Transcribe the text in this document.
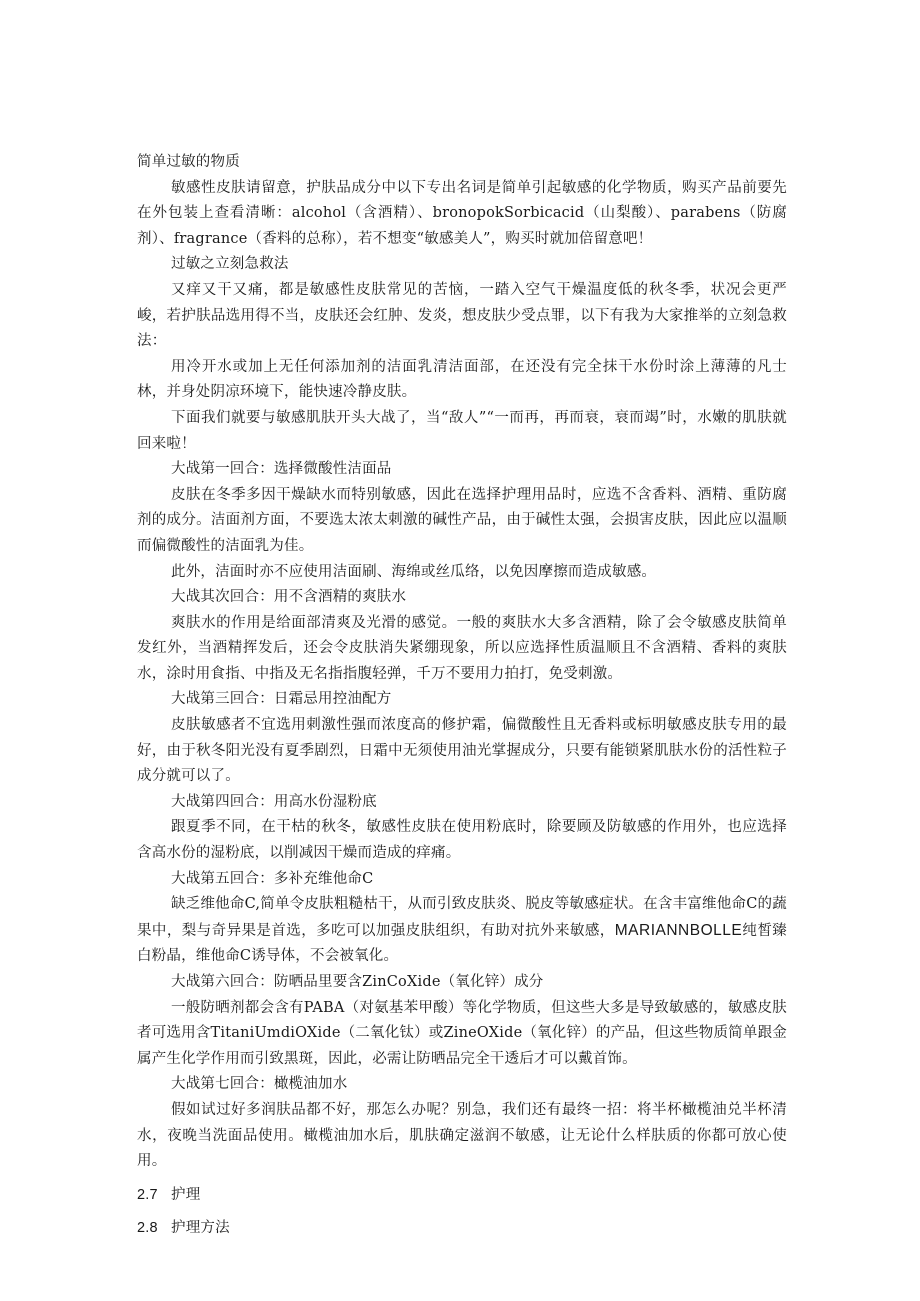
简单过敏的物质

敏感性皮肤请留意，护肤品成分中以下专出名词是简单引起敏感的化学物质，购买产品前要先在外包装上查看清晰：alcohol（含酒精）、bronopokSorbicacid（山梨酸）、parabens（防腐剂）、fragrance（香料的总称），若不想变“敏感美人”，购买时就加倍留意吧！

过敏之立刻急救法

又痒又干又痛，都是敏感性皮肤常见的苦恼，一踏入空气干燥温度低的秋冬季，状况会更严峻，若护肤品选用得不当，皮肤还会红肿、发炎，想皮肤少受点罪，以下有我为大家推举的立刻急救法：

用冷开水或加上无任何添加剂的洁面乳清洁面部，在还没有完全抹干水份时涂上薄薄的凡士林，并身处阴凉环境下，能快速冷静皮肤。

下面我们就要与敏感肌肤开头大战了，当“敌人”“一而再，再而衰，衰而竭”时，水嫩的肌肤就回来啦！

大战第一回合：选择微酸性洁面品

皮肤在冬季多因干燥缺水而特别敏感，因此在选择护理用品时，应选不含香料、酒精、重防腐剂的成分。洁面剂方面，不要选太浓太刺激的碱性产品，由于碱性太强，会损害皮肤，因此应以温顺而偏微酸性的洁面乳为佳。

此外，洁面时亦不应使用洁面刷、海绵或丝瓜络，以免因摩擦而造成敏感。

大战其次回合：用不含酒精的爽肤水

爽肤水的作用是给面部清爽及光滑的感觉。一般的爽肤水大多含酒精，除了会令敏感皮肤简单发红外，当酒精挥发后，还会令皮肤消失紧绷现象，所以应选择性质温顺且不含酒精、香料的爽肤水，涂时用食指、中指及无名指指腹轻弹，千万不要用力拍打，免受刺激。

大战第三回合：日霜忌用控油配方

皮肤敏感者不宜选用刺激性强而浓度高的修护霜，偏微酸性且无香料或标明敏感皮肤专用的最好，由于秋冬阳光没有夏季剧烈，日霜中无须使用油光掌握成分，只要有能锁紧肌肤水份的活性粒子成分就可以了。

大战第四回合：用高水份湿粉底

跟夏季不同，在干枯的秋冬，敏感性皮肤在使用粉底时，除要顾及防敏感的作用外，也应选择含高水份的湿粉底，以削减因干燥而造成的痒痛。

大战第五回合：多补充维他命C

缺乏维他命C,简单令皮肤粗糙枯干，从而引致皮肤炎、脱皮等敏感症状。在含丰富维他命C的蔬果中，梨与奇异果是首选，多吃可以加强皮肤组织，有助对抗外来敏感，MARIANNBOLLE纯皙臻白粉晶，维他命C诱导体，不会被氧化。

大战第六回合：防晒品里要含ZinCoXide（氧化锌）成分

一般防晒剂都会含有PABA（对氨基苯甲酸）等化学物质，但这些大多是导致敏感的，敏感皮肤者可选用含TitaniUmdiOXide（二氧化钛）或ZineOXide（氧化锌）的产品，但这些物质简单跟金属产生化学作用而引致黑斑，因此，必需让防晒品完全干透后才可以戴首饰。

大战第七回合：橄榄油加水

假如试过好多润肤品都不好，那怎么办呢？别急，我们还有最终一招：将半杯橄榄油兑半杯清水，夜晚当洗面品使用。橄榄油加水后，肌肤确定滋润不敏感，让无论什么样肤质的你都可放心使用。

2.7 护理

2.8 护理方法
